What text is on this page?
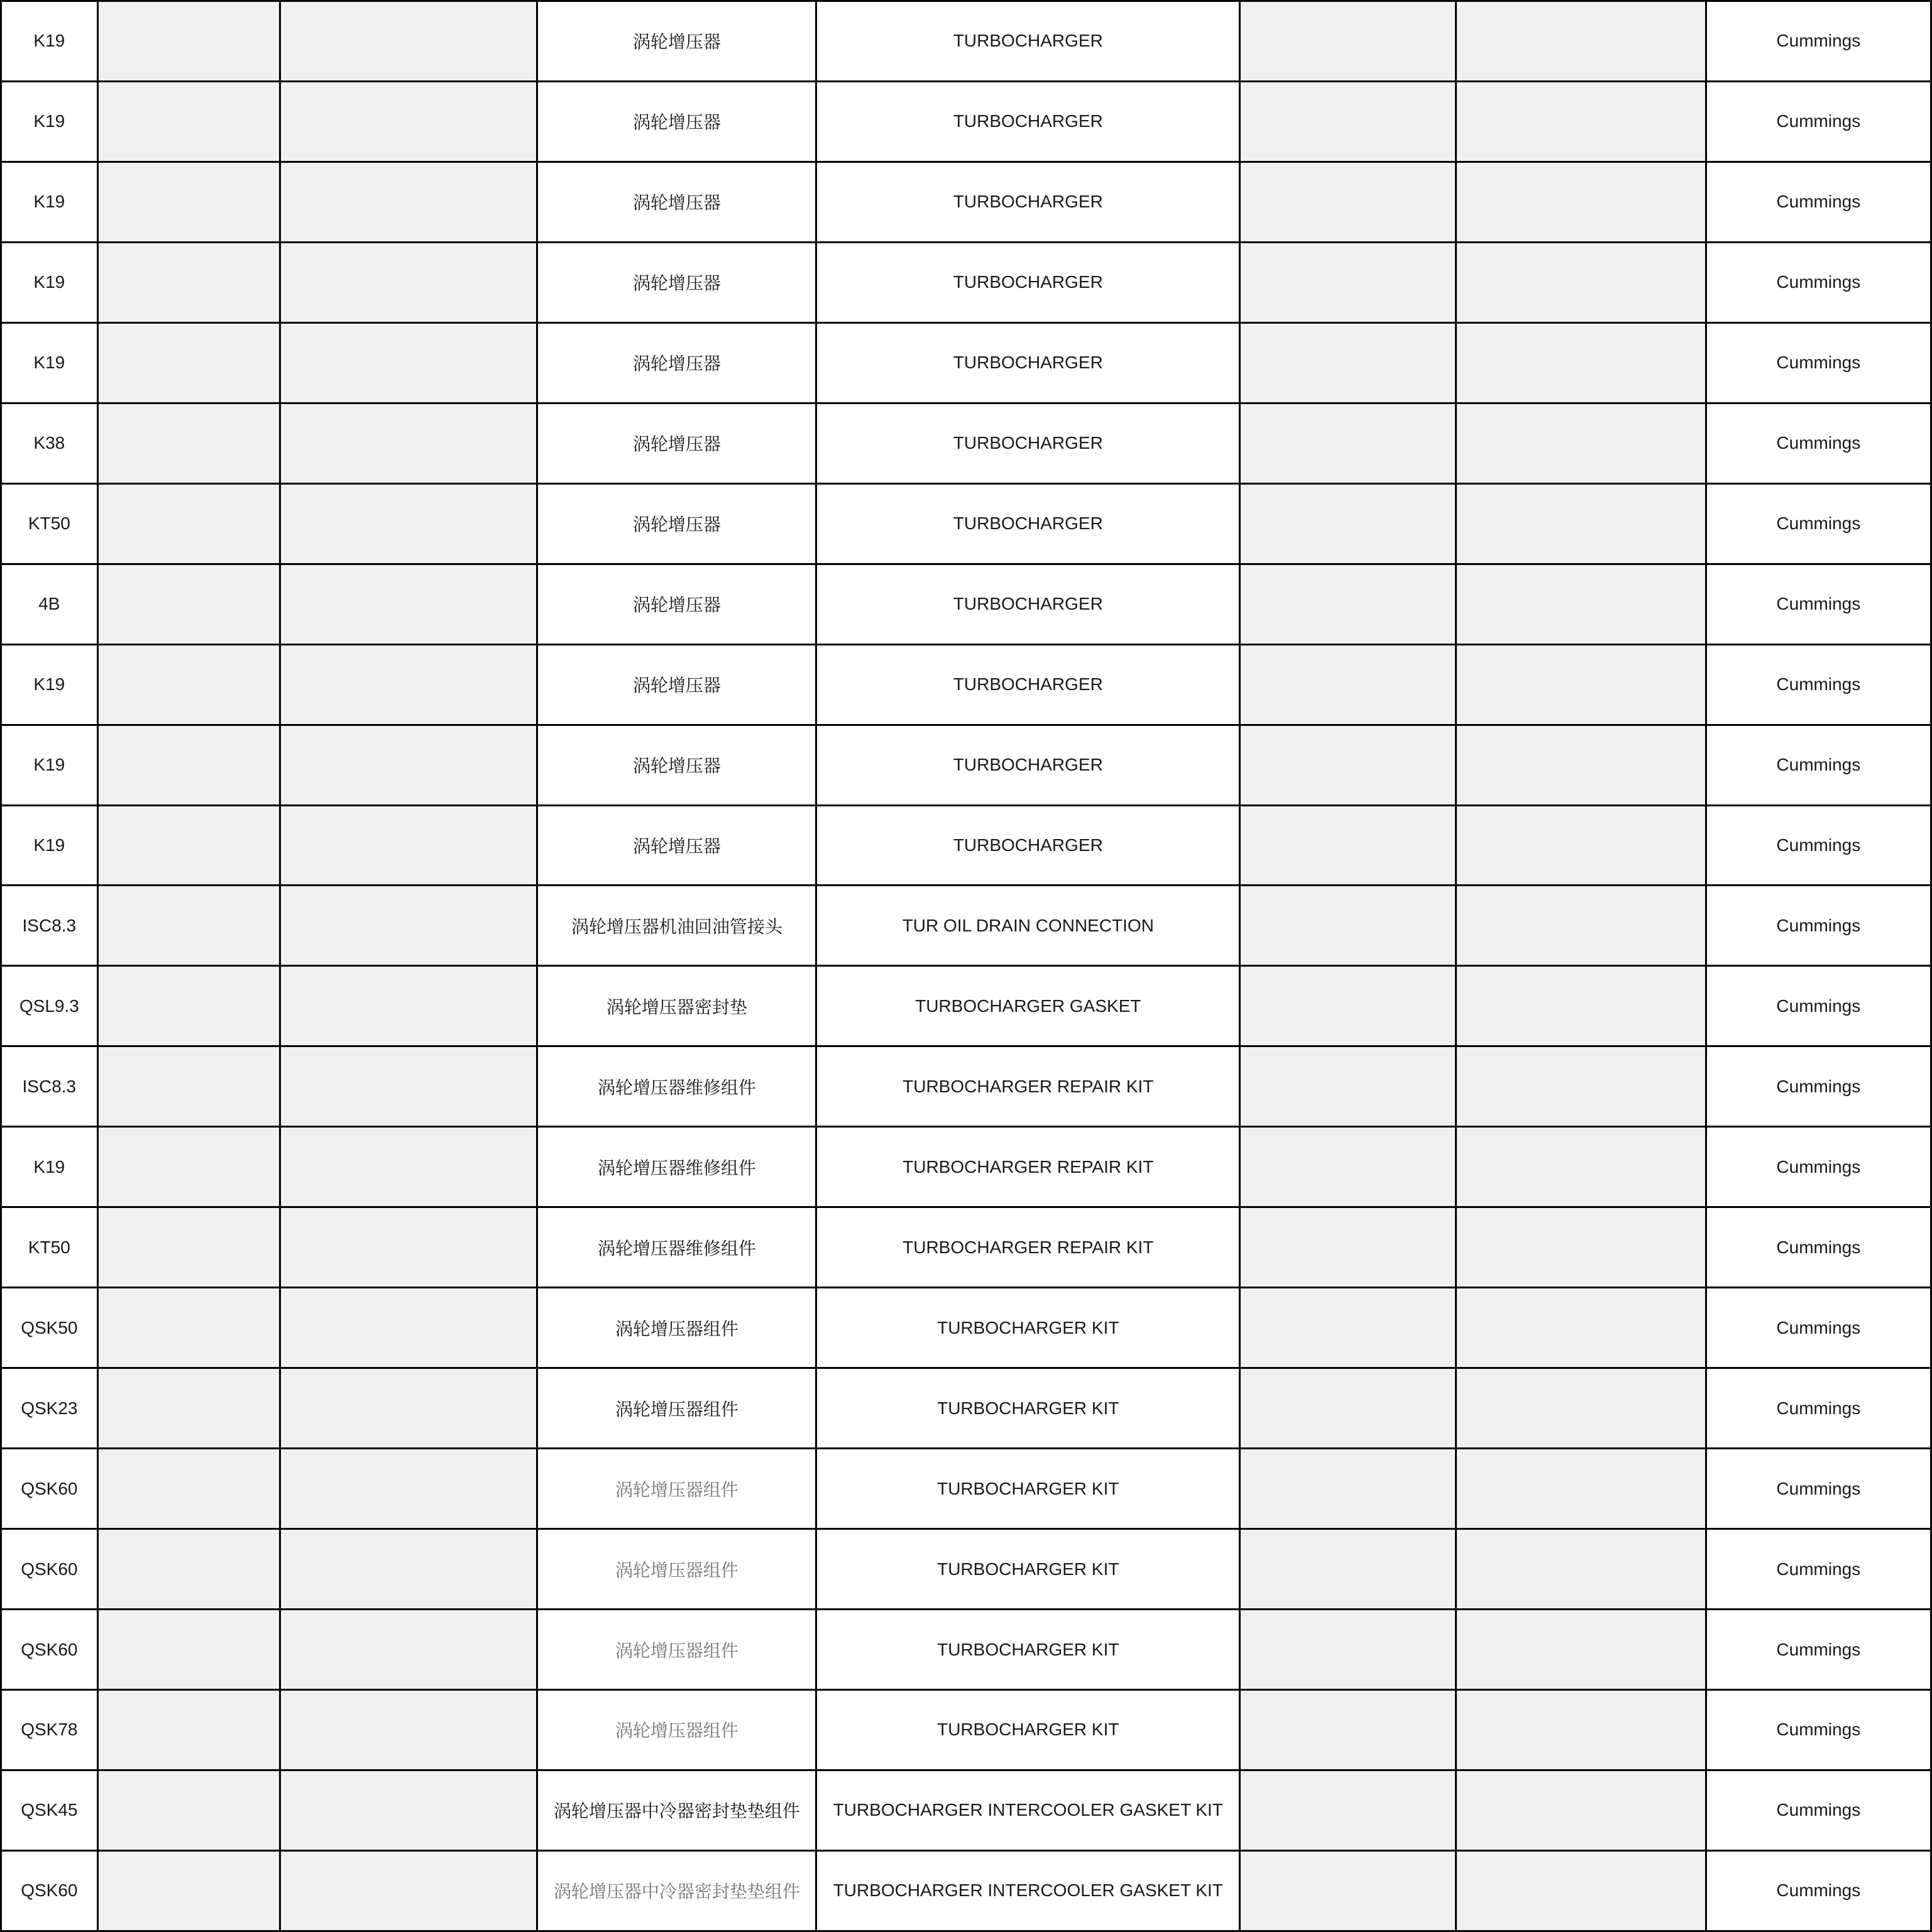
K19	涡轮增压器	TURBOCHARGER	Cummings
K19	涡轮增压器	TURBOCHARGER	Cummings
K19	涡轮增压器	TURBOCHARGER	Cummings
K19	涡轮增压器	TURBOCHARGER	Cummings
K19	涡轮增压器	TURBOCHARGER	Cummings
K38	涡轮增压器	TURBOCHARGER	Cummings
KT50	涡轮增压器	TURBOCHARGER	Cummings
4B	涡轮增压器	TURBOCHARGER	Cummings
K19	涡轮增压器	TURBOCHARGER	Cummings
K19	涡轮增压器	TURBOCHARGER	Cummings
K19	涡轮增压器	TURBOCHARGER	Cummings
ISC8.3	涡轮增压器机油回油管接头	TUR OIL DRAIN CONNECTION	Cummings
QSL9.3	涡轮增压器密封垫	TURBOCHARGER GASKET	Cummings
ISC8.3	涡轮增压器维修组件	TURBOCHARGER REPAIR KIT	Cummings
K19	涡轮增压器维修组件	TURBOCHARGER REPAIR KIT	Cummings
KT50	涡轮增压器维修组件	TURBOCHARGER REPAIR KIT	Cummings
QSK50	涡轮增压器组件	TURBOCHARGER KIT	Cummings
QSK23	涡轮增压器组件	TURBOCHARGER KIT	Cummings
QSK60	涡轮增压器组件	TURBOCHARGER KIT	Cummings
QSK60	涡轮增压器组件	TURBOCHARGER KIT	Cummings
QSK60	涡轮增压器组件	TURBOCHARGER KIT	Cummings
QSK78	涡轮增压器组件	TURBOCHARGER KIT	Cummings
QSK45	涡轮增压器中冷器密封垫垫组件	TURBOCHARGER INTERCOOLER GASKET KIT	Cummings
QSK60	涡轮增压器中冷器密封垫垫组件	TURBOCHARGER INTERCOOLER GASKET KIT	Cummings
